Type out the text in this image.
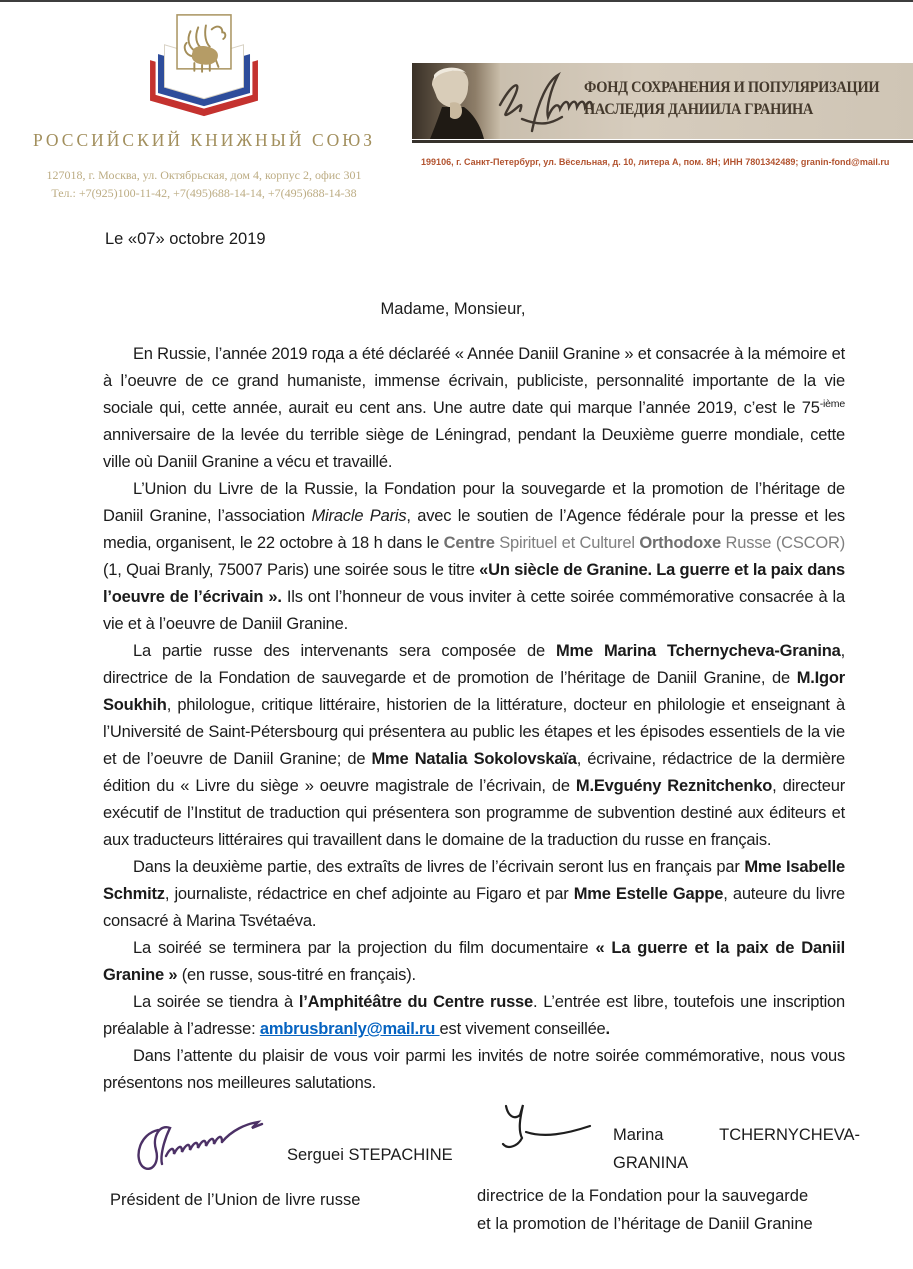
РОССИЙСКИЙ КНИЖНЫЙ СОЮЗ
127018, г. Москва, ул. Октябрьская, дом 4, корпус 2, офис 301
Тел.: +7(925)100-11-42, +7(495)688-14-14, +7(495)688-14-38
ФОНД СОХРАНЕНИЯ И ПОПУЛЯРИЗАЦИИ
НАСЛЕДИЯ ДАНИИЛА ГРАНИНА
199106, г. Санкт-Петербург, ул. Вёсельная, д. 10, литера А, пом. 8Н; ИНН 7801342489; granin-fond@mail.ru
Le «07» octobre 2019
Madame, Monsieur,

En Russie, l’année 2019 года a été déclaréé « Année Daniil Granine » et consacrée à la mémoire et à l’oeuvre de ce grand humaniste, immense écrivain, publiciste, personnalité importante de la vie sociale qui, cette année, aurait eu cent ans. Une autre date qui marque l’année 2019, c’est le $75^{-ième}$ anniversaire de la levée du terrible siège de Léningrad, pendant la Deuxième guerre mondiale, cette ville où Daniil Granine a vécu et travaillé.

L’Union du Livre de la Russie, la Fondation pour la souvegarde et la promotion de l’héritage de Daniil Granine, l’association Miracle Paris, avec le soutien de l’Agence fédérale pour la presse et les media, organisent, le 22 octobre à 18 h dans le Centre Spirituel et Culturel Orthodoxe Russe (CSCOR) (1, Quai Branly, 75007 Paris) une soirée sous le titre «Un siècle de Granine. La guerre et la paix dans l’oeuvre de l’écrivain ». Ils ont l’honneur de vous inviter à cette soirée commémorative consacrée à la vie et à l’oeuvre de Daniil Granine.

La partie russe des intervenants sera composée de Mme Marina Tchernycheva-Granina, directrice de la Fondation de sauvegarde et de promotion de l’héritage de Daniil Granine, de M.Igor Soukhih, philologue, critique littéraire, historien de la littérature, docteur en philologie et enseignant à l’Université de Saint-Pétersbourg qui présentera au public les étapes et les épisodes essentiels de la vie et de l’oeuvre de Daniil Granine; de Mme Natalia Sokolovskaïa, écrivaine, rédactrice de la dermière édition du « Livre du siège » oeuvre magistrale de l’écrivain, de M.Evguény Reznitchenko, directeur exécutif de l’Institut de traduction qui présentera son programme de subvention destiné aux éditeurs et aux traducteurs littéraires qui travaillent dans le domaine de la traduction du russe en français.

Dans la deuxième partie, des extraîts de livres de l’écrivain seront lus en français par Mme Isabelle Schmitz, journaliste, rédactrice en chef adjointe au Figaro et par Mme Estelle Gappe, auteure du livre consacré à Marina Tsvétaéva.

La soiréé se terminera par la projection du film documentaire « La guerre et la paix de Daniil Granine » (en russe, sous-titré en français).

La soirée se tiendra à l’Amphitéâtre du Centre russe. L’entrée est libre, toutefois une inscription préalable à l’adresse: ambrusbranly@mail.ru est vivement conseillée.

Dans l’attente du plaisir de vous voir parmi les invités de notre soirée commémorative, nous vous présentons nos meilleures salutations.

Serguei STEPACHINE
Président de l’Union de livre russe
Marina	TCHERNYCHEVA-
GRANINA
directrice de la Fondation pour la sauvegarde
et la promotion de l’héritage de Daniil Granine
